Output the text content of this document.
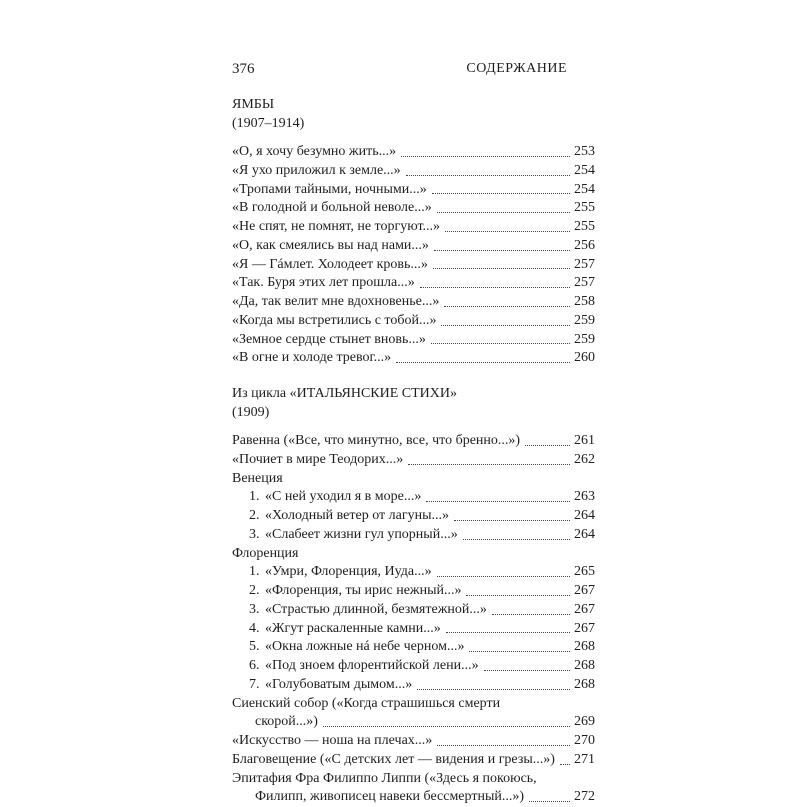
376	СОДЕРЖАНИЕ
ЯМБЫ
(1907–1914)
«О, я хочу безумно жить...»	253
«Я ухо приложил к земле...»	254
«Тропами тайными, ночными...»	254
«В голодной и больной неволе...»	255
«Не спят, не помнят, не торгуют...»	255
«О, как смеялись вы над нами...»	256
«Я — Гáмлет. Холодеет кровь...»	257
«Так. Буря этих лет прошла...»	257
«Да, так велит мне вдохновенье...»	258
«Когда мы встретились с тобой...»	259
«Земное сердце стынет вновь...»	259
«В огне и холоде тревог...»	260
Из цикла «ИТАЛЬЯНСКИЕ СТИХИ»
(1909)
Равенна («Все, что минутно, все, что бренно...»)	261
«Почиет в мире Теодорих...»	262
Венеция
1. «С ней уходил я в море...»	263
2. «Холодный ветер от лагуны...»	264
3. «Слабеет жизни гул упорный...»	264
Флоренция
1. «Умри, Флоренция, Иуда...»	265
2. «Флоренция, ты ирис нежный...»	267
3. «Страстью длинной, безмятежной...»	267
4. «Жгут раскаленные камни...»	267
5. «Окна ложные нá небе черном...»	268
6. «Под зноем флорентийской лени...»	268
7. «Голубоватым дымом...»	268
Сиенский собор («Когда страшишься смерти
скорой...»)	269
«Искусство — ноша на плечах...»	270
Благовещение («С детских лет — видения и грезы...») 271
Эпитафия Фра Филиппо Липпи («Здесь я покоюсь,
Филипп, живописец навеки бессмертный...»)	272
